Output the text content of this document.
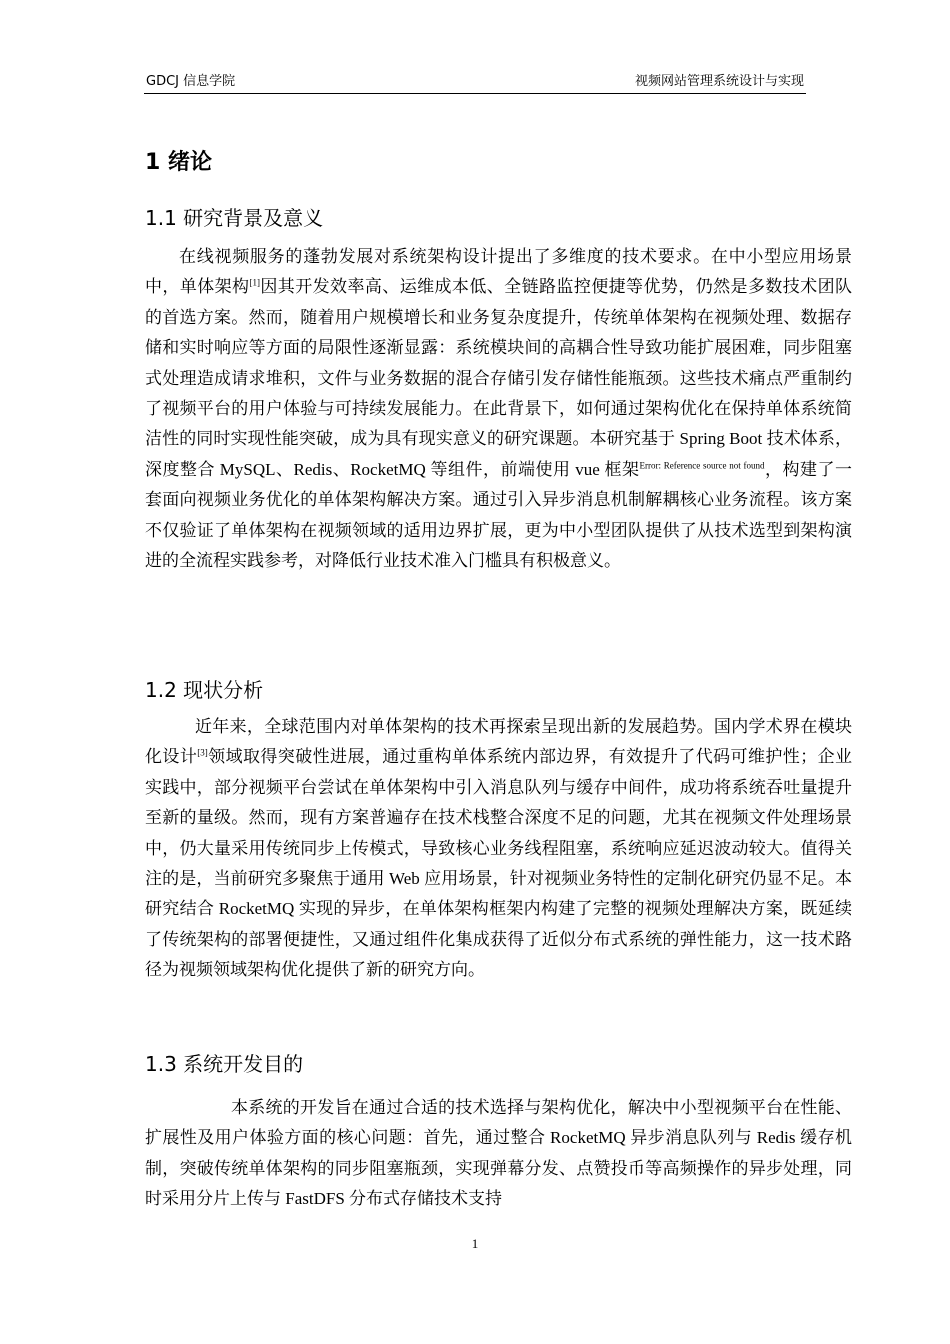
GDCJ 信息学院	视频网站管理系统设计与实现
1 绪论
1.1 研究背景及意义
在线视频服务的蓬勃发展对系统架构设计提出了多维度的技术要求。在中小型应用场景中，单体架构[1]因其开发效率高、运维成本低、全链路监控便捷等优势，仍然是多数技术团队的首选方案。然而，随着用户规模增长和业务复杂度提升，传统单体架构在视频处理、数据存储和实时响应等方面的局限性逐渐显露：系统模块间的高耦合性导致功能扩展困难，同步阻塞式处理造成请求堆积，文件与业务数据的混合存储引发存储性能瓶颈。这些技术痛点严重制约了视频平台的用户体验与可持续发展能力。在此背景下，如何通过架构优化在保持单体系统简洁性的同时实现性能突破，成为具有现实意义的研究课题。本研究基于 Spring Boot 技术体系，深度整合 MySQL、Redis、RocketMQ 等组件，前端使用 vue 框架$^{Error: Reference source not found}$，构建了一套面向视频业务优化的单体架构解决方案。通过引入异步消息机制解耦核心业务流程。该方案不仅验证了单体架构在视频领域的适用边界扩展，更为中小型团队提供了从技术选型到架构演进的全流程实践参考，对降低行业技术准入门槛具有积极意义。
1.2 现状分析
近年来，全球范围内对单体架构的技术再探索呈现出新的发展趋势。国内学术界在模块化设计[3]领域取得突破性进展，通过重构单体系统内部边界，有效提升了代码可维护性；企业实践中，部分视频平台尝试在单体架构中引入消息队列与缓存中间件，成功将系统吞吐量提升至新的量级。然而，现有方案普遍存在技术栈整合深度不足的问题，尤其在视频文件处理场景中，仍大量采用传统同步上传模式，导致核心业务线程阻塞，系统响应延迟波动较大。值得关注的是，当前研究多聚焦于通用 Web 应用场景，针对视频业务特性的定制化研究仍显不足。本研究结合 RocketMQ 实现的异步，在单体架构框架内构建了完整的视频处理解决方案，既延续了传统架构的部署便捷性，又通过组件化集成获得了近似分布式系统的弹性能力，这一技术路径为视频领域架构优化提供了新的研究方向。
1.3 系统开发目的
本系统的开发旨在通过合适的技术选择与架构优化，解决中小型视频平台在性能、扩展性及用户体验方面的核心问题：首先，通过整合 RocketMQ 异步消息队列与 Redis 缓存机制，突破传统单体架构的同步阻塞瓶颈，实现弹幕分发、点赞投币等高频操作的异步处理，同时采用分片上传与 FastDFS 分布式存储技术支持
1
